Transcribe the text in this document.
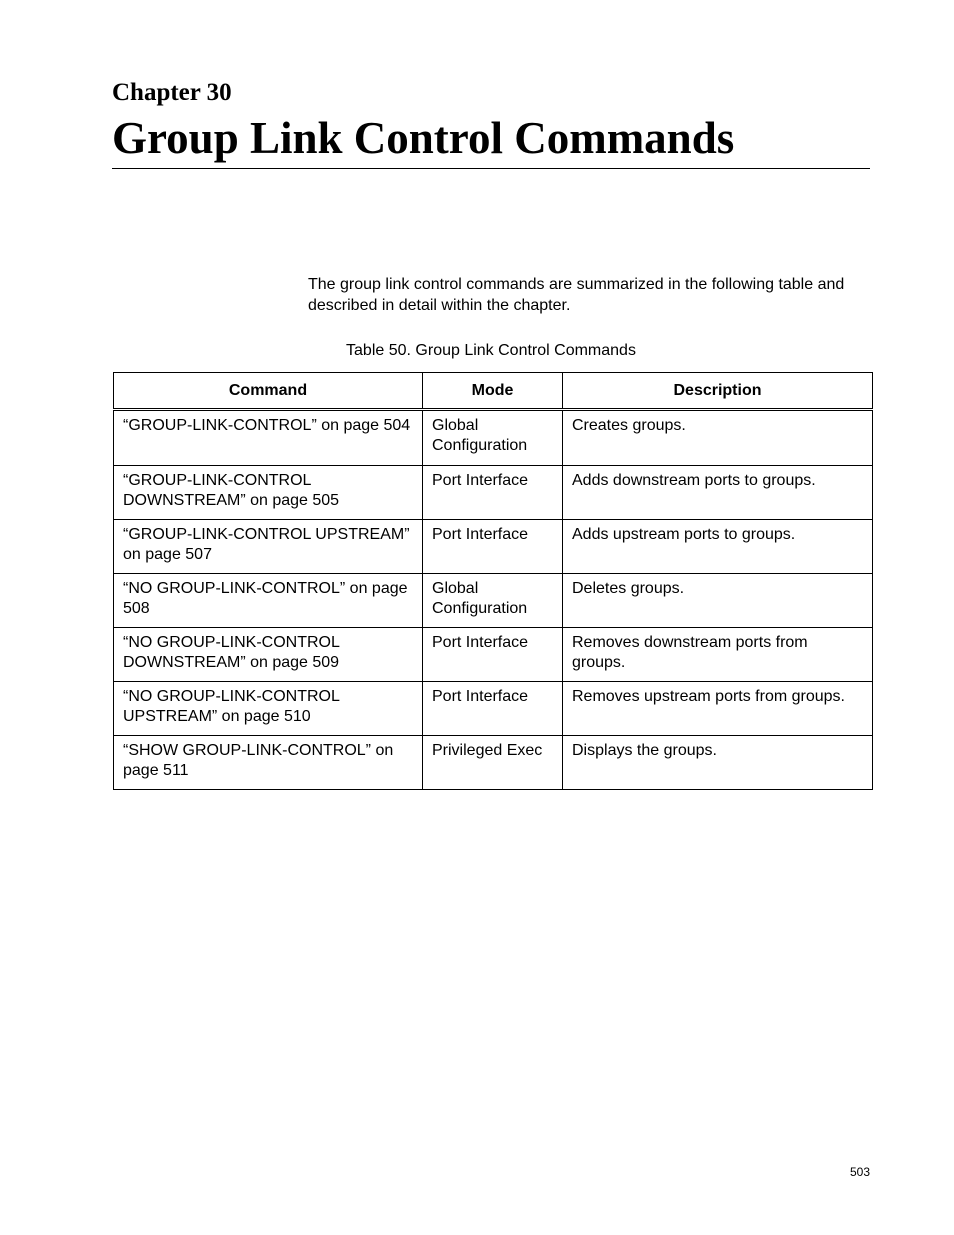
Chapter 30
Group Link Control Commands

The group link control commands are summarized in the following table and described in detail within the chapter.

Table 50. Group Link Control Commands

Command	Mode	Description
“GROUP-LINK-CONTROL” on page 504	Global Configuration	Creates groups.
“GROUP-LINK-CONTROL DOWNSTREAM” on page 505	Port Interface	Adds downstream ports to groups.
“GROUP-LINK-CONTROL UPSTREAM” on page 507	Port Interface	Adds upstream ports to groups.
“NO GROUP-LINK-CONTROL” on page 508	Global Configuration	Deletes groups.
“NO GROUP-LINK-CONTROL DOWNSTREAM” on page 509	Port Interface	Removes downstream ports from groups.
“NO GROUP-LINK-CONTROL UPSTREAM” on page 510	Port Interface	Removes upstream ports from groups.
“SHOW GROUP-LINK-CONTROL” on page 511	Privileged Exec	Displays the groups.
503
